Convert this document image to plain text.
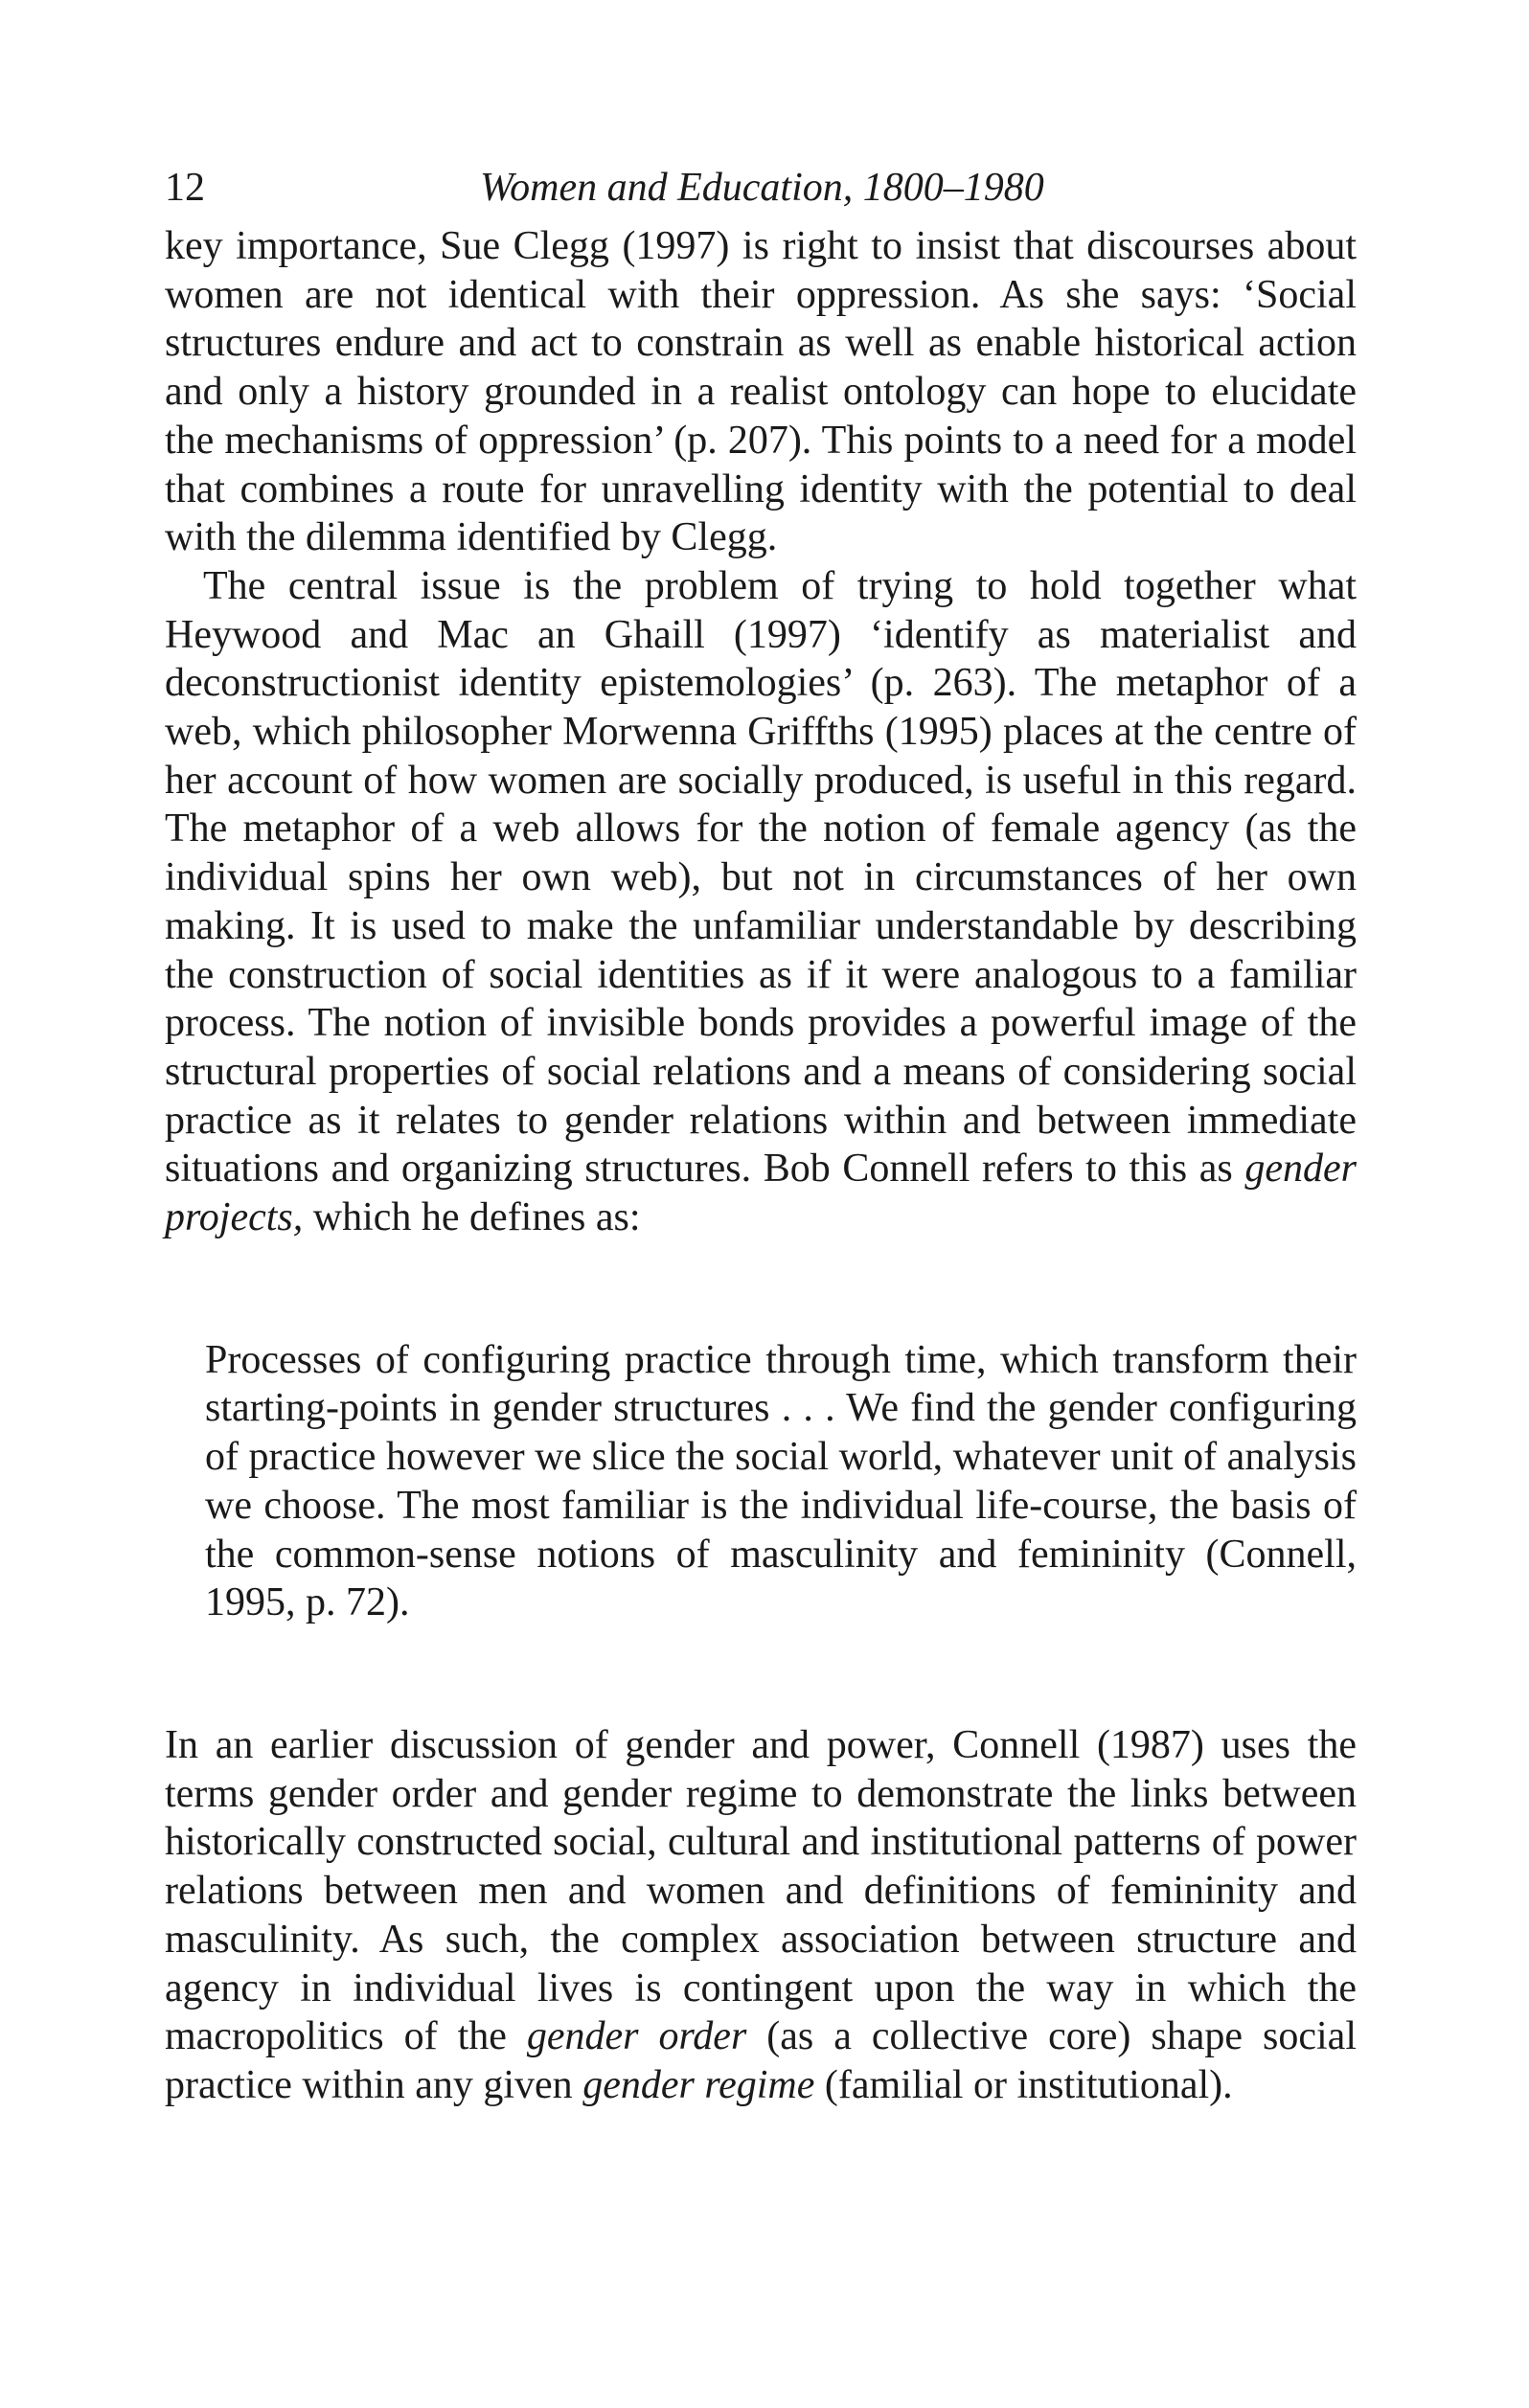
12	Women and Education, 1800–1980

key importance, Sue Clegg (1997) is right to insist that discourses about women are not identical with their oppression. As she says: ‘Social structures endure and act to constrain as well as enable historical action and only a history grounded in a realist ontology can hope to elucidate the mechanisms of oppression’ (p. 207). This points to a need for a model that combines a route for unravelling identity with the potential to deal with the dilemma identified by Clegg.

The central issue is the problem of trying to hold together what Heywood and Mac an Ghaill (1997) ‘identify as materialist and deconstructionist identity epistemologies’ (p. 263). The metaphor of a web, which philosopher Morwenna Griffths (1995) places at the centre of her account of how women are socially produced, is useful in this regard. The metaphor of a web allows for the notion of female agency (as the individual spins her own web), but not in circumstances of her own making. It is used to make the unfamiliar understandable by describing the construction of social identities as if it were analogous to a familiar process. The notion of invisible bonds provides a powerful image of the structural properties of social relations and a means of considering social practice as it relates to gender relations within and between immediate situations and organizing structures. Bob Connell refers to this as gender projects, which he defines as:

Processes of configuring practice through time, which transform their starting-points in gender structures . . . We find the gender configuring of practice however we slice the social world, whatever unit of analysis we choose. The most familiar is the individual life-course, the basis of the common-sense notions of masculinity and femininity (Connell, 1995, p. 72).

In an earlier discussion of gender and power, Connell (1987) uses the terms gender order and gender regime to demonstrate the links between historically constructed social, cultural and institutional patterns of power relations between men and women and definitions of femininity and masculinity. As such, the complex association between structure and agency in individual lives is contingent upon the way in which the macropolitics of the gender order (as a collective core) shape social practice within any given gender regime (familial or institutional).
